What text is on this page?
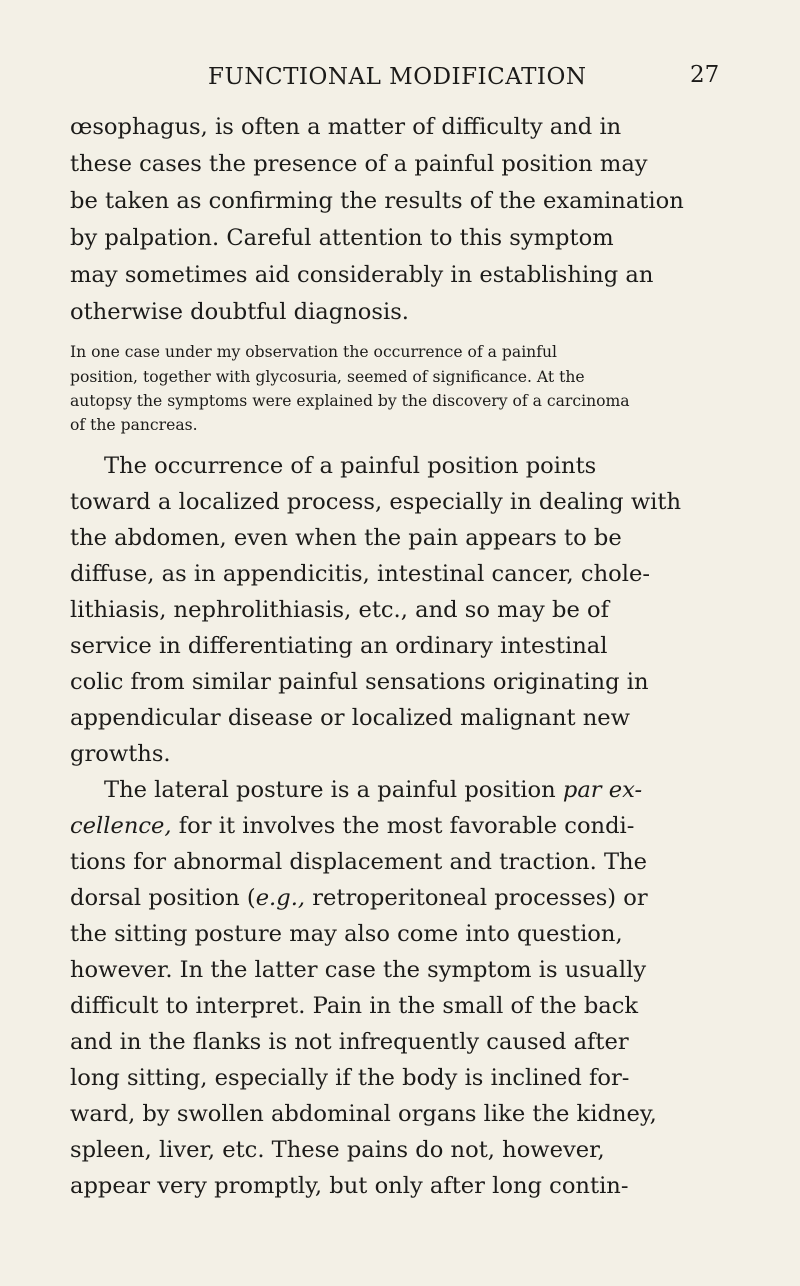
FUNCTIONAL MODIFICATION	27
œsophagus, is often a matter of difficulty and in
these cases the presence of a painful position may
be taken as confirming the results of the examination
by palpation. Careful attention to this symptom
may sometimes aid considerably in establishing an
otherwise doubtful diagnosis.
In one case under my observation the occurrence of a painful
position, together with glycosuria, seemed of significance. At the
autopsy the symptoms were explained by the discovery of a carcinoma
of the pancreas.
The occurrence of a painful position points
toward a localized process, especially in dealing with
the abdomen, even when the pain appears to be
diffuse, as in appendicitis, intestinal cancer, chole-
lithiasis, nephrolithiasis, etc., and so may be of
service in differentiating an ordinary intestinal
colic from similar painful sensations originating in
appendicular disease or localized malignant new
growths.
The lateral posture is a painful position par ex-
cellence, for it involves the most favorable condi-
tions for abnormal displacement and traction. The
dorsal position (e.g., retroperitoneal processes) or
the sitting posture may also come into question,
however. In the latter case the symptom is usually
difficult to interpret. Pain in the small of the back
and in the flanks is not infrequently caused after
long sitting, especially if the body is inclined for-
ward, by swollen abdominal organs like the kidney,
spleen, liver, etc. These pains do not, however,
appear very promptly, but only after long contin-
